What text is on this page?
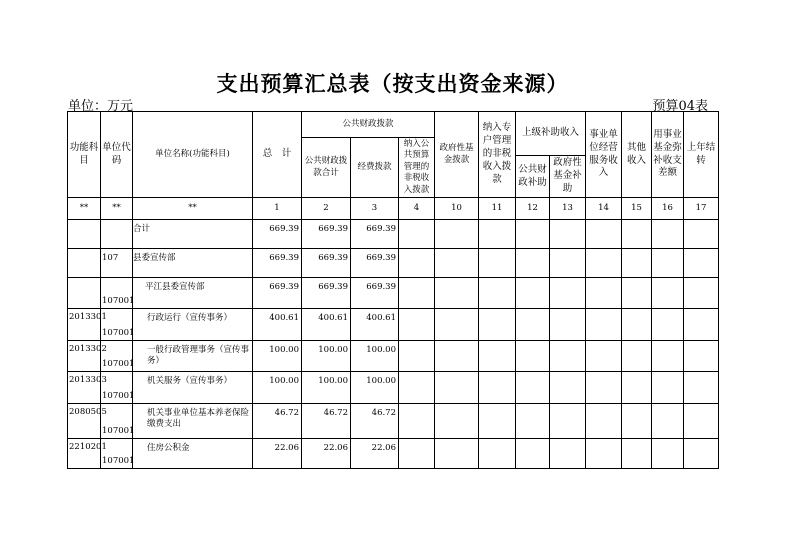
支出预算汇总表（按支出资金来源）
单位：万元	预算04表
功能科目	单位代码	单位名称(功能科目)	总　计	公共财政拨款			政府性基金拨款	纳入专户管理的非税收入拨款	上级补助收入		事业单位经营服务收入	其他收入	用事业基金弥补收支差额	上年结转
				公共财政拨款合计	经费拨款	纳入公共预算管理的非税收入拨款								
									公共财政补助	政府性基金补助				
**	**	**	1	2	3	4	10	11	12	13	14	15	16	17
		合计	669.39	669.39	669.39									
	107	县委宣传部	669.39	669.39	669.39									
	107001	平江县委宣传部	669.39	669.39	669.39									
2013301	107001	行政运行（宣传事务）	400.61	400.61	400.61									
2013302	107001	一般行政管理事务（宣传事务）	100.00	100.00	100.00									
2013303	107001	机关服务（宣传事务）	100.00	100.00	100.00									
2080505	107001	机关事业单位基本养老保险缴费支出	46.72	46.72	46.72									
2210201	107001	住房公积金	22.06	22.06	22.06									
